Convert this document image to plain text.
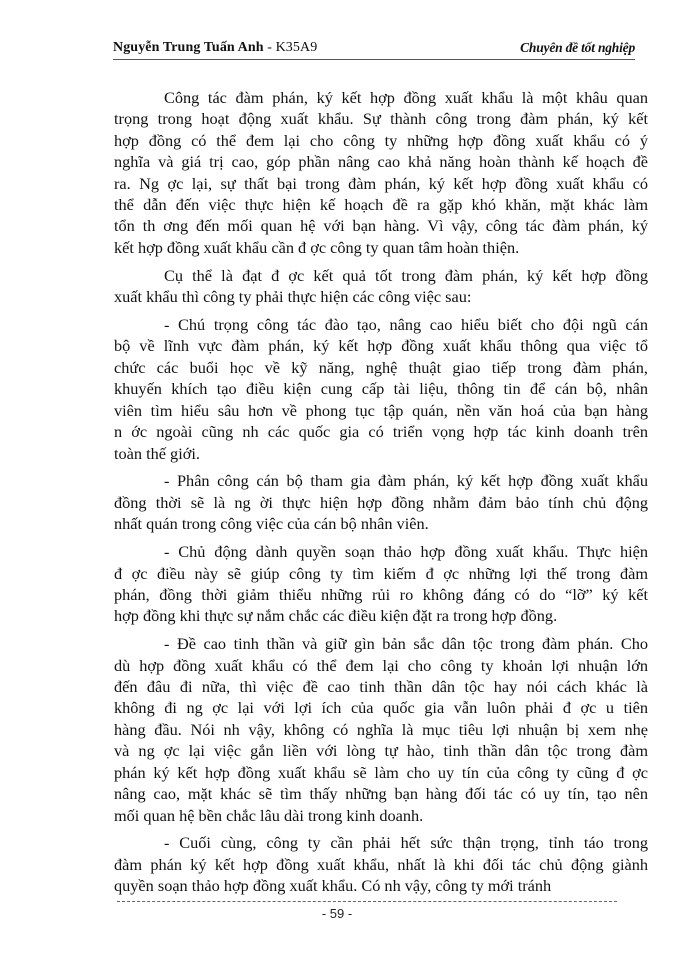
Nguyễn Trung Tuấn Anh - K35A9	Chuyên đề tốt nghiệp
Công tác đàm phán, ký kết hợp đồng xuất khẩu là một khâu quan
trọng trong hoạt động xuất khẩu. Sự thành công trong đàm phán, ký kết
hợp đồng có thể đem lại cho công ty những hợp đồng xuất khẩu có ý
nghĩa và giá trị cao, góp phần nâng cao khả năng hoàn thành kế hoạch đề
ra. Ng ợc lại, sự thất bại trong đàm phán, ký kết hợp đồng xuất khẩu có
thể dẫn đến việc thực hiện kế hoạch đề ra gặp khó khăn, mặt khác làm
tổn th ơng đến mối quan hệ với bạn hàng. Vì vậy, công tác đàm phán, ký
kết hợp đồng xuất khẩu cần đ ợc công ty quan tâm hoàn thiện.
Cụ thể là đạt đ ợc kết quả tốt trong đàm phán, ký kết hợp đồng
xuất khẩu thì công ty phải thực hiện các công việc sau:
- Chú trọng công tác đào tạo, nâng cao hiểu biết cho đội ngũ cán
bộ về lĩnh vực đàm phán, ký kết hợp đồng xuất khẩu thông qua việc tổ
chức các buổi học về kỹ năng, nghệ thuật giao tiếp trong đàm phán,
khuyến khích tạo điều kiện cung cấp tài liệu, thông tin để cán bộ, nhân
viên tìm hiểu sâu hơn về phong tục tập quán, nền văn hoá của bạn hàng
n ớc ngoài cũng nh các quốc gia có triển vọng hợp tác kinh doanh trên
toàn thế giới.
- Phân công cán bộ tham gia đàm phán, ký kết hợp đồng xuất khẩu
đồng thời sẽ là ng ời thực hiện hợp đồng nhằm đảm bảo tính chủ động
nhất quán trong công việc của cán bộ nhân viên.
- Chủ động dành quyền soạn thảo hợp đồng xuất khẩu. Thực hiện
đ ợc điều này sẽ giúp công ty tìm kiếm đ ợc những lợi thế trong đàm
phán, đồng thời giảm thiểu những rủi ro không đáng có do “lỡ” ký kết
hợp đồng khi thực sự nắm chắc các điều kiện đặt ra trong hợp đồng.
- Đề cao tinh thần và giữ gìn bản sắc dân tộc trong đàm phán. Cho
dù hợp đồng xuất khẩu có thể đem lại cho công ty khoản lợi nhuận lớn
đến đâu đi nữa, thì việc đề cao tinh thần dân tộc hay nói cách khác là
không đi ng ợc lại với lợi ích của quốc gia vẫn luôn phải đ ợc u tiên
hàng đầu. Nói nh vậy, không có nghĩa là mục tiêu lợi nhuận bị xem nhẹ
và ng ợc lại việc gắn liền với lòng tự hào, tinh thần dân tộc trong đàm
phán ký kết hợp đồng xuất khẩu sẽ làm cho uy tín của công ty cũng đ ợc
nâng cao, mặt khác sẽ tìm thấy những bạn hàng đối tác có uy tín, tạo nên
mối quan hệ bền chắc lâu dài trong kinh doanh.
- Cuối cùng, công ty cần phải hết sức thận trọng, tỉnh táo trong
đàm phán ký kết hợp đồng xuất khẩu, nhất là khi đối tác chủ động giành
quyền soạn thảo hợp đồng xuất khẩu. Có nh vậy, công ty mới tránh
- 59 -
